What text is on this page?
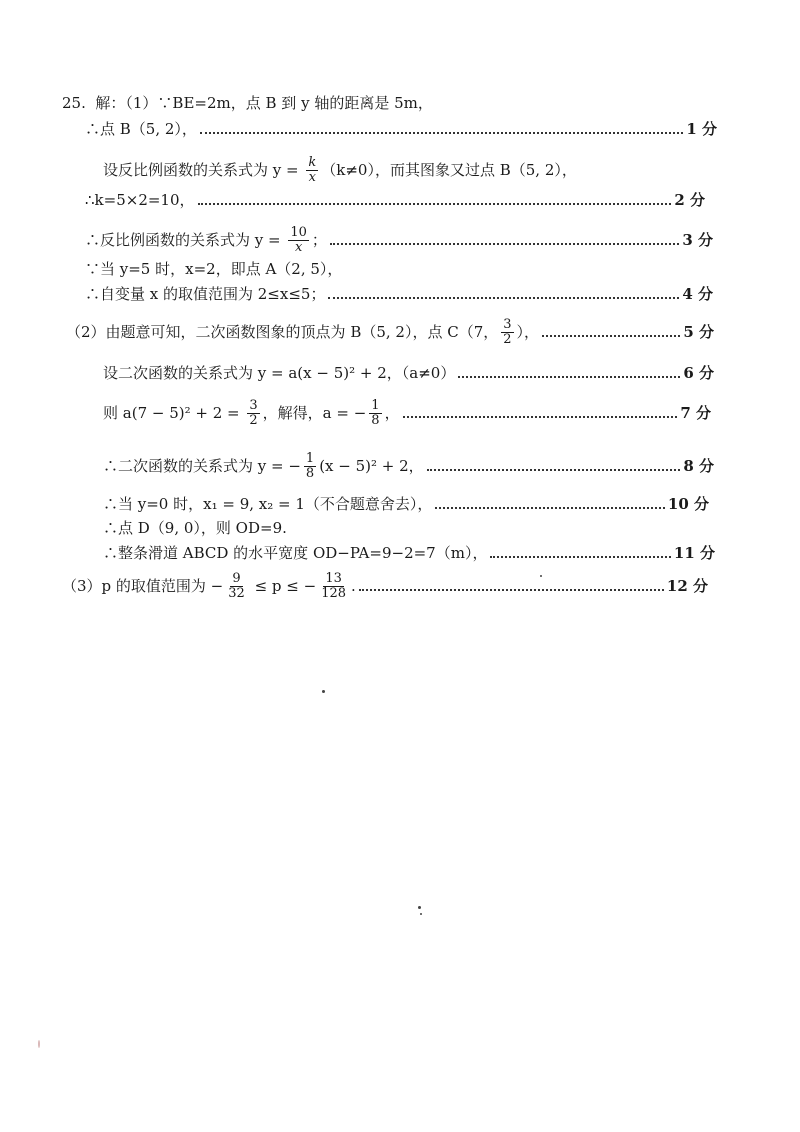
25.  解：（1）∵BE=2m，点 B 到 y 轴的距离是 5m，
∴点 B（5, 2），	1 分
设反比例函数的关系式为 $y = \frac{k}{x} (k\ne 0)$，而其图象又过点 B（5, 2），
∴k=5×2=10，	2 分
∴反比例函数的关系式为 $y = \frac{10}{x}$ ；	3 分
∵当 y=5 时，x=2，即点 A（2, 5），
∴自变量 x 的取值范围为 2≤x≤5；	4 分
（2）由题意可知，二次函数图象的顶点为 B（5, 2），点 C（7， $\frac{3}{2}$ ），	5 分
设二次函数的关系式为 y = a(x − 5)² + 2，（a≠0）	6 分
则 $a(7 - 5)^2 + 2 = \frac{3}{2}$ ，解得，a = − $\frac{1}{8}$ ，	7 分
∴二次函数的关系式为 y = − $\frac{1}{8} (x - 5)^2 + 2$，	8 分
∴当 y=0 时，x₁ = 9, x₂ = 1（不合题意舍去），	10 分
∴点 D（9, 0），则 OD=9.
∴整条滑道 ABCD 的水平宽度 OD−PA=9−2=7（m），	11 分
（3）p 的取值范围为 − $\frac{9}{32} \le p$ ≤ − $\frac{13}{128}$ .	12 分
